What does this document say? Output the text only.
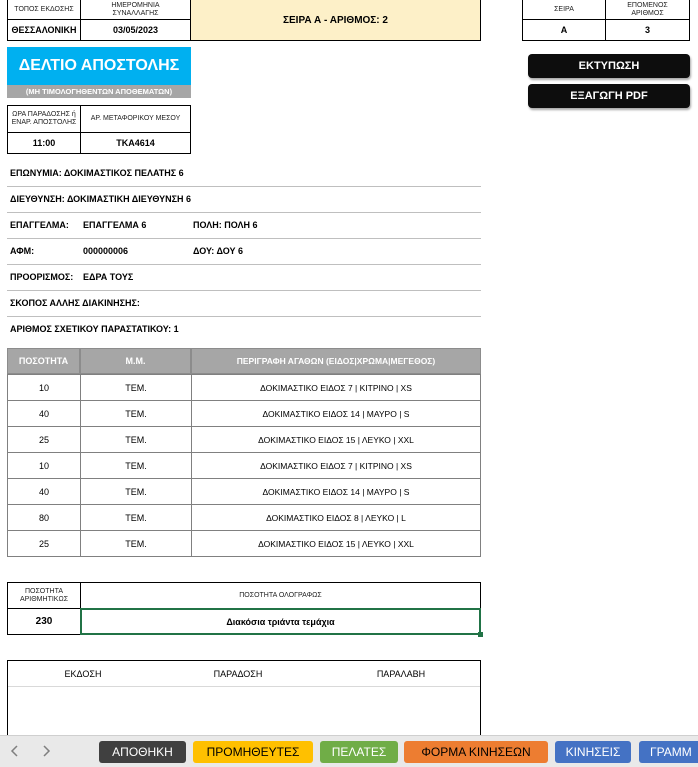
ΤΟΠΟΣ ΕΚΔΟΣΗΣ
ΘΕΣΣΑΛΟΝΙΚΗ
ΗΜΕΡΟΜΗΝΙΑ ΣΥΝΑΛΛΑΓΗΣ
03/05/2023
ΣΕΙΡΑ Α - ΑΡΙΘΜΟΣ: 2
ΣΕΙΡΑ
Α
ΕΠΟΜΕΝΟΣ ΑΡΙΘΜΟΣ
3
ΕΚΤΥΠΩΣΗ
ΕΞΑΓΩΓΗ PDF
ΔΕΛΤΙΟ ΑΠΟΣΤΟΛΗΣ
(ΜΗ ΤΙΜΟΛΟΓΗΘΕΝΤΩΝ ΑΠΟΘΕΜΑΤΩΝ)
ΩΡΑ ΠΑΡΑΔΟΣΗΣ ή ΕΝΑΡ. ΑΠΟΣΤΟΛΗΣ
11:00
ΑΡ. ΜΕΤΑΦΟΡΙΚΟΥ ΜΕΣΟΥ
ΤΚΑ4614
ΕΠΩΝΥΜΙΑ: ΔΟΚΙΜΑΣΤΙΚΟΣ ΠΕΛΑΤΗΣ 6
ΔΙΕΥΘΥΝΣΗ: ΔΟΚΙΜΑΣΤΙΚΗ ΔΙΕΥΘΥΝΣΗ 6
ΕΠΑΓΓΕΛΜΑ: ΕΠΑΓΓΕΛΜΑ 6	ΠΟΛΗ: ΠΟΛΗ 6
ΑΦΜ:	000000006	ΔΟΥ: ΔΟΥ 6
ΠΡΟΟΡΙΣΜΟΣ: ΕΔΡΑ ΤΟΥΣ
ΣΚΟΠΟΣ ΑΛΛΗΣ ΔΙΑΚΙΝΗΣΗΣ:
ΑΡΙΘΜΟΣ ΣΧΕΤΙΚΟΥ ΠΑΡΑΣΤΑΤΙΚΟΥ: 1
ΠΟΣΟΤΗΤΑ	Μ.Μ.	ΠΕΡΙΓΡΑΦΗ ΑΓΑΘΩΝ (ΕΙΔΟΣ|ΧΡΩΜΑ|ΜΕΓΕΘΟΣ)
10	ΤΕΜ.	ΔΟΚΙΜΑΣΤΙΚΟ ΕΙΔΟΣ 7 | ΚΙΤΡΙΝΟ | XS
40	ΤΕΜ.	ΔΟΚΙΜΑΣΤΙΚΟ ΕΙΔΟΣ 14 | ΜΑΥΡΟ | S
25	ΤΕΜ.	ΔΟΚΙΜΑΣΤΙΚΟ ΕΙΔΟΣ 15 | ΛΕΥΚΟ | XXL
10	ΤΕΜ.	ΔΟΚΙΜΑΣΤΙΚΟ ΕΙΔΟΣ 7 | ΚΙΤΡΙΝΟ | XS
40	ΤΕΜ.	ΔΟΚΙΜΑΣΤΙΚΟ ΕΙΔΟΣ 14 | ΜΑΥΡΟ | S
80	ΤΕΜ.	ΔΟΚΙΜΑΣΤΙΚΟ ΕΙΔΟΣ 8 | ΛΕΥΚΟ | L
25	ΤΕΜ.	ΔΟΚΙΜΑΣΤΙΚΟ ΕΙΔΟΣ 15 | ΛΕΥΚΟ | XXL
ΠΟΣΟΤΗΤΑ ΑΡΙΘΜΗΤΙΚΩΣ
230
ΠΟΣΟΤΗΤΑ ΟΛΟΓΡΑΦΩΣ
Διακόσια τριάντα τεμάχια
ΕΚΔΟΣΗ	ΠΑΡΑΔΟΣΗ	ΠΑΡΑΛΑΒΗ
ΑΠΟΘΗΚΗ	ΠΡΟΜΗΘΕΥΤΕΣ	ΠΕΛΑΤΕΣ	ΦΟΡΜΑ ΚΙΝΗΣΕΩΝ	ΚΙΝΗΣΕΙΣ	ΓΡΑΜΜ
